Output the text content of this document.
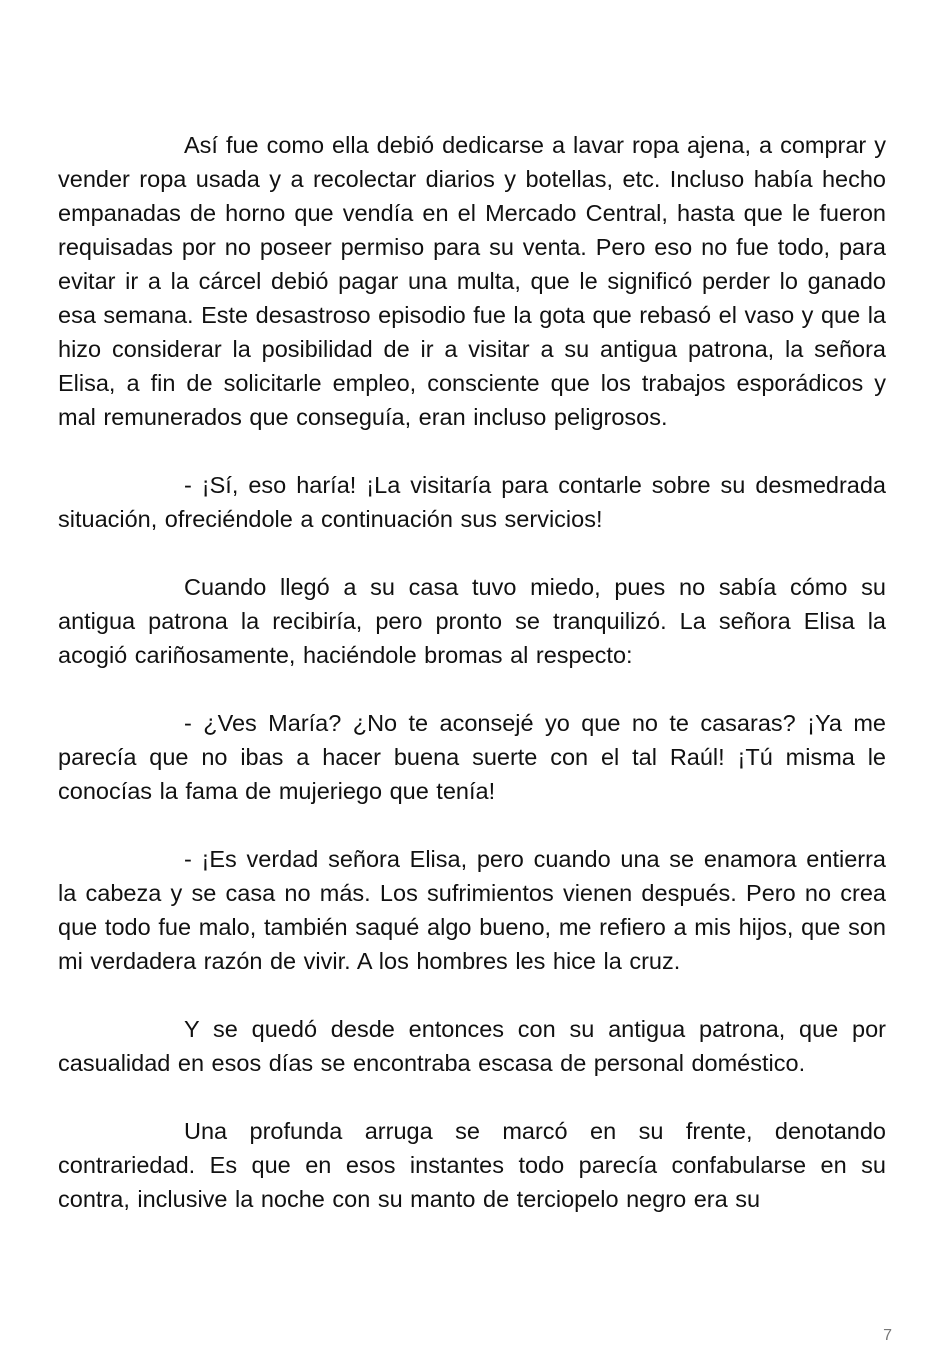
Así fue como ella debió dedicarse a lavar ropa ajena, a comprar y vender ropa usada y a recolectar diarios y botellas, etc. Incluso había hecho empanadas de horno que vendía en el Mercado Central, hasta que le fueron requisadas por no poseer permiso para su venta. Pero eso no fue todo, para evitar ir a la cárcel debió pagar una multa, que le significó perder lo ganado esa semana. Este desastroso episodio fue la gota que rebasó el vaso y que la hizo considerar la posibilidad de ir a visitar a su antigua patrona, la señora Elisa, a fin de solicitarle empleo, consciente que los trabajos esporádicos y mal remunerados que conseguía, eran incluso peligrosos.

- ¡Sí, eso haría! ¡La visitaría para contarle sobre su desmedrada situación, ofreciéndole a continuación sus servicios!

Cuando llegó a su casa tuvo miedo, pues no sabía cómo su antigua patrona la recibiría, pero pronto se tranquilizó. La señora Elisa la acogió cariñosamente, haciéndole bromas al respecto:

- ¿Ves María? ¿No te aconsejé yo que no te casaras? ¡Ya me parecía que no ibas a hacer buena suerte con el tal Raúl! ¡Tú misma le conocías la fama de mujeriego que tenía!

- ¡Es verdad señora Elisa, pero cuando una se enamora entierra la cabeza y se casa no más. Los sufrimientos vienen después. Pero no crea que todo fue malo, también saqué algo bueno, me refiero a mis hijos, que son mi verdadera razón de vivir. A los hombres les hice la cruz.

Y se quedó desde entonces con su antigua patrona, que por casualidad en esos días se encontraba escasa de personal doméstico.

Una profunda arruga se marcó en su frente, denotando contrariedad. Es que en esos instantes todo parecía confabularse en su contra, inclusive la noche con su manto de terciopelo negro era su

7
